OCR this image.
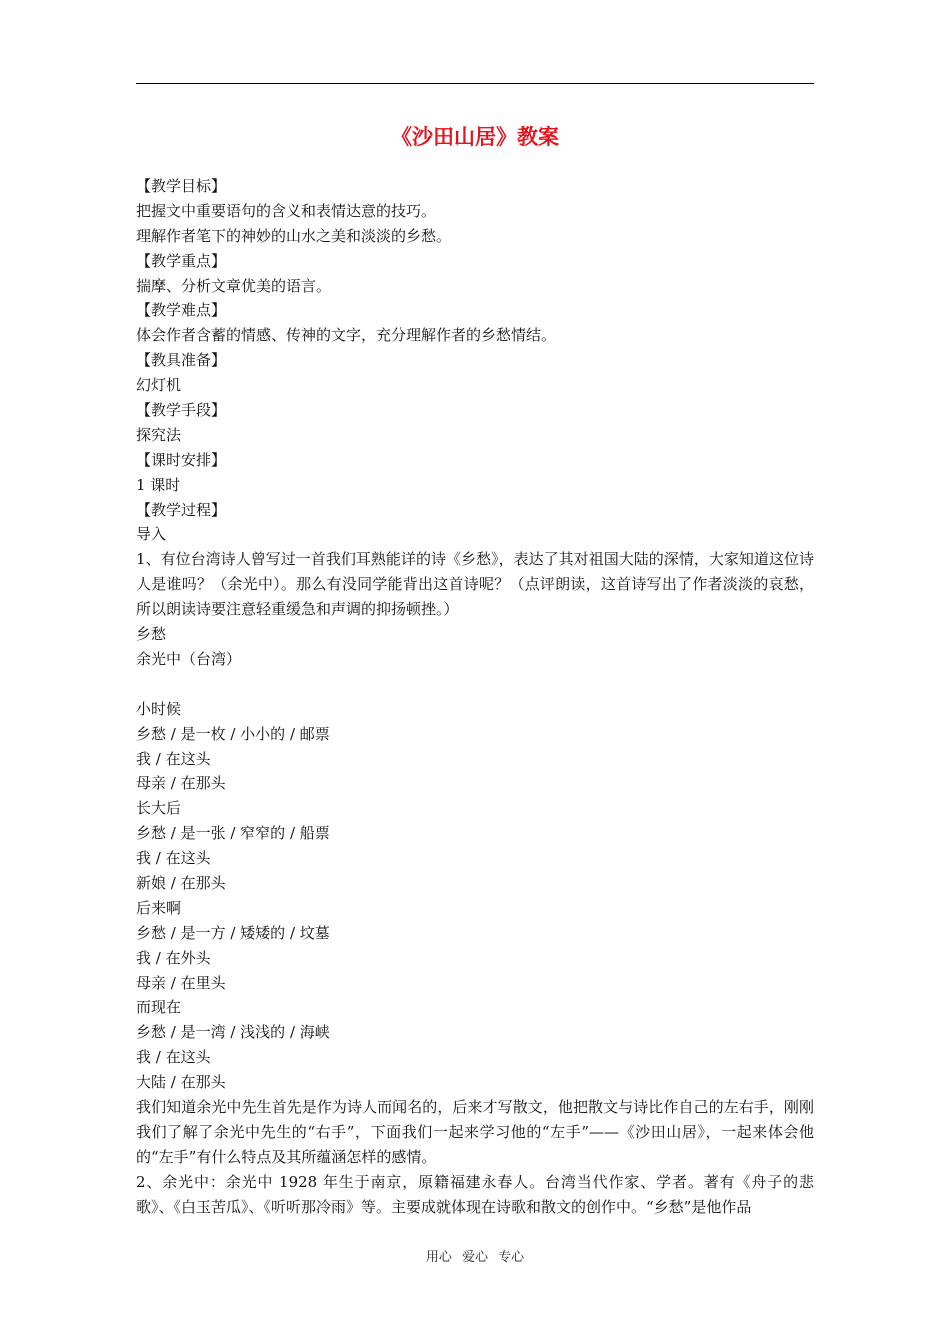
《沙田山居》教案
【教学目标】
把握文中重要语句的含义和表情达意的技巧。
理解作者笔下的神妙的山水之美和淡淡的乡愁。
【教学重点】
揣摩、分析文章优美的语言。
【教学难点】
体会作者含蓄的情感、传神的文字，充分理解作者的乡愁情结。
【教具准备】
幻灯机
【教学手段】
探究法
【课时安排】
1 课时
【教学过程】
导入
1、有位台湾诗人曾写过一首我们耳熟能详的诗《乡愁》，表达了其对祖国大陆的深情，大家知道这位诗人是谁吗？（余光中）。那么有没同学能背出这首诗呢？（点评朗读，这首诗写出了作者淡淡的哀愁，所以朗读诗要注意轻重缓急和声调的抑扬顿挫。）
乡愁
余光中（台湾）
小时候
乡愁 / 是一枚 / 小小的 / 邮票
我 / 在这头
母亲 / 在那头
长大后
乡愁 / 是一张 / 窄窄的 / 船票
我 / 在这头
新娘 / 在那头
后来啊
乡愁 / 是一方 / 矮矮的 / 坟墓
我 / 在外头
母亲 / 在里头
而现在
乡愁 / 是一湾 / 浅浅的 / 海峡
我 / 在这头
大陆 / 在那头
我们知道余光中先生首先是作为诗人而闻名的，后来才写散文，他把散文与诗比作自己的左右手，刚刚我们了解了余光中先生的“右手”，下面我们一起来学习他的“左手”——《沙田山居》，一起来体会他的“左手”有什么特点及其所蕴涵怎样的感情。
2、余光中：余光中 1928 年生于南京，原籍福建永春人。台湾当代作家、学者。著有《舟子的悲歌》、《白玉苦瓜》、《听听那冷雨》等。主要成就体现在诗歌和散文的创作中。“乡愁”是他作品
用心 爱心 专心
